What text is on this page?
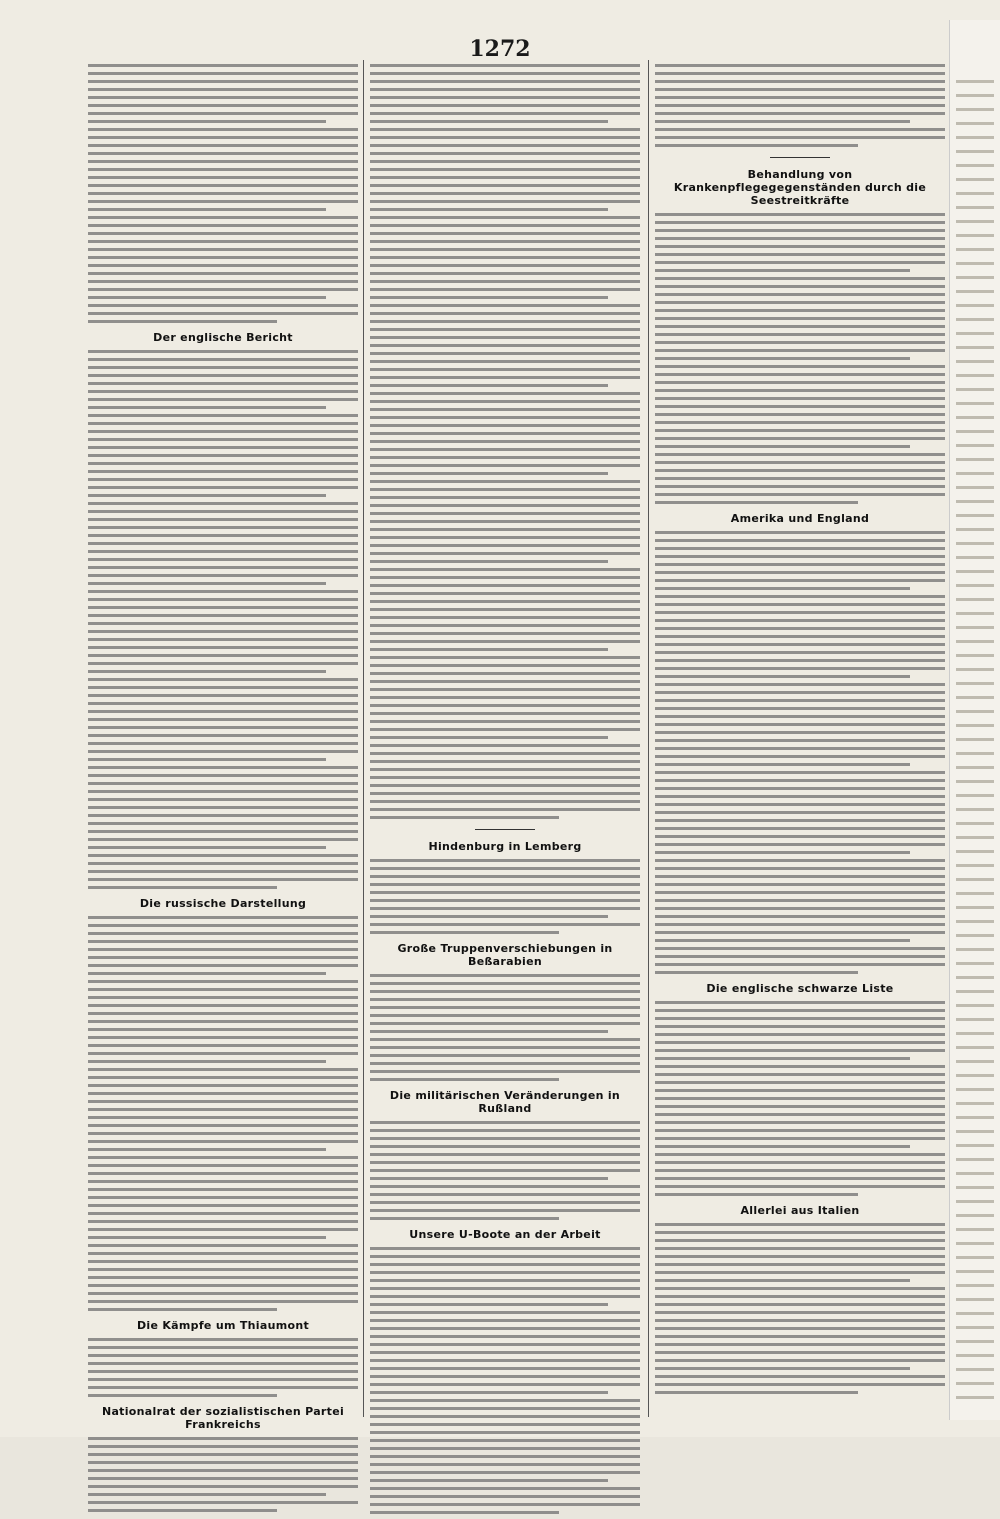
1272
Der englische Bericht
Die russische Darstellung
Die Kämpfe um Thiaumont
Nationalrat der sozialistischen Partei Frankreichs
Hindenburg in Lemberg
Große Truppenverschiebungen in Beßarabien
Die militärischen Veränderungen in Rußland
Unsere U-Boote an der Arbeit
Behandlung von Krankenpflegegegenständen durch die Seestreitkräfte
Amerika und England
Die englische schwarze Liste
Allerlei aus Italien
